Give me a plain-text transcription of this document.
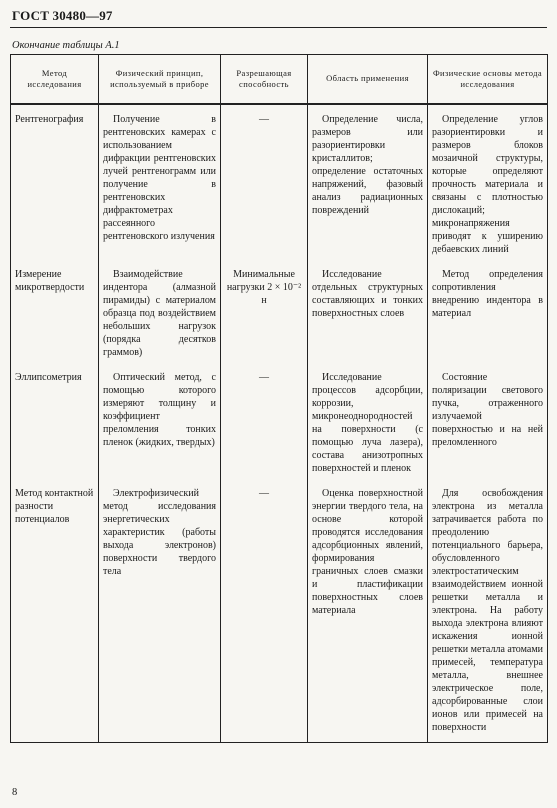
ГОСТ 30480—97
Окончание таблицы А.1
Метод исследования	Физический принцип, используемый в приборе	Разрешающая способность	Область применения	Физические основы метода исследования
Рентгенография	Получение в рентгеновских камерах с использованием дифракции рентгеновских лучей рентгенограмм или получение в рентгеновских дифрактометрах рассеянного рентгеновского излучения	—	Определение числа, размеров или разориентировки кристаллитов; определение остаточных напряжений, фазовый анализ радиационных повреждений	Определение углов разориентировки и размеров блоков мозаичной структуры, которые определяют прочность материала и связаны с плотностью дислокаций; микронапряжения приводят к уширению дебаевских линий
Измерение микротвердости	Взаимодействие индентора (алмазной пирамиды) с материалом образца под воздействием небольших нагрузок (порядка десятков граммов)	Минимальные нагрузки 2 × 10⁻² н	Исследование отдельных структурных составляющих и тонких поверхностных слоев	Метод определения сопротивления внедрению индентора в материал
Эллипсометрия	Оптический метод, с помощью которого измеряют толщину и коэффициент преломления тонких пленок (жидких, твердых)	—	Исследование процессов адсорбции, коррозии, микронеоднородностей на поверхности (с помощью луча лазера), состава анизотропных поверхностей и пленок	Состояние поляризации светового пучка, отраженного излучаемой поверхностью и на ней преломленного
Метод контактной разности потенциалов	Электрофизический метод исследования энергетических характеристик (работы выхода электронов) поверхности твердого тела	—	Оценка поверхностной энергии твердого тела, на основе которой проводятся исследования адсорбционных явлений, формирования граничных слоев смазки и пластификации поверхностных слоев материала	Для освобождения электрона из металла затрачивается работа по преодолению потенциального барьера, обусловленного электростатическим взаимодействием ионной решетки металла и электрона. На работу выхода электрона влияют искажения ионной решетки металла атомами примесей, температура металла, внешнее электрическое поле, адсорбированные слои ионов или примесей на поверхности
8
